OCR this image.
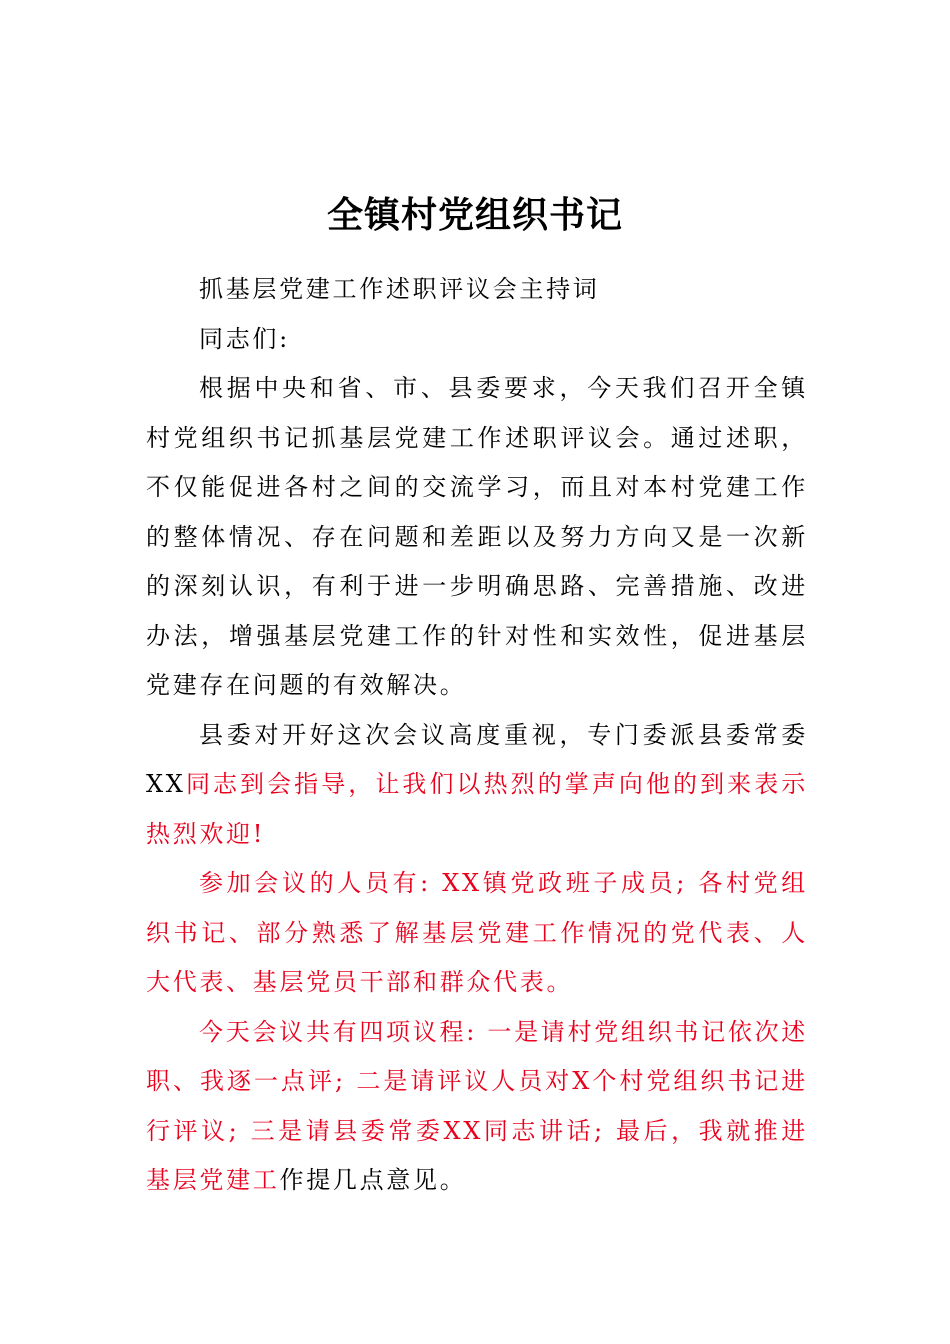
全镇村党组织书记

抓基层党建工作述职评议会主持词

同志们:

根据中央和省、市、县委要求，今天我们召开全镇村党组织书记抓基层党建工作述职评议会。通过述职，不仅能促进各村之间的交流学习，而且对本村党建工作的整体情况、存在问题和差距以及努力方向又是一次新的深刻认识，有利于进一步明确思路、完善措施、改进办法，增强基层党建工作的针对性和实效性，促进基层党建存在问题的有效解决。

县委对开好这次会议高度重视，专门委派县委常委XX同志到会指导，让我们以热烈的掌声向他的到来表示热烈欢迎!

参加会议的人员有: XX镇党政班子成员; 各村党组织书记、部分熟悉了解基层党建工作情况的党代表、人大代表、基层党员干部和群众代表。

今天会议共有四项议程: 一是请村党组织书记依次述职、我逐一点评; 二是请评议人员对X个村党组织书记进行评议; 三是请县委常委XX同志讲话; 最后，我就推进基层党建工作提几点意见。
